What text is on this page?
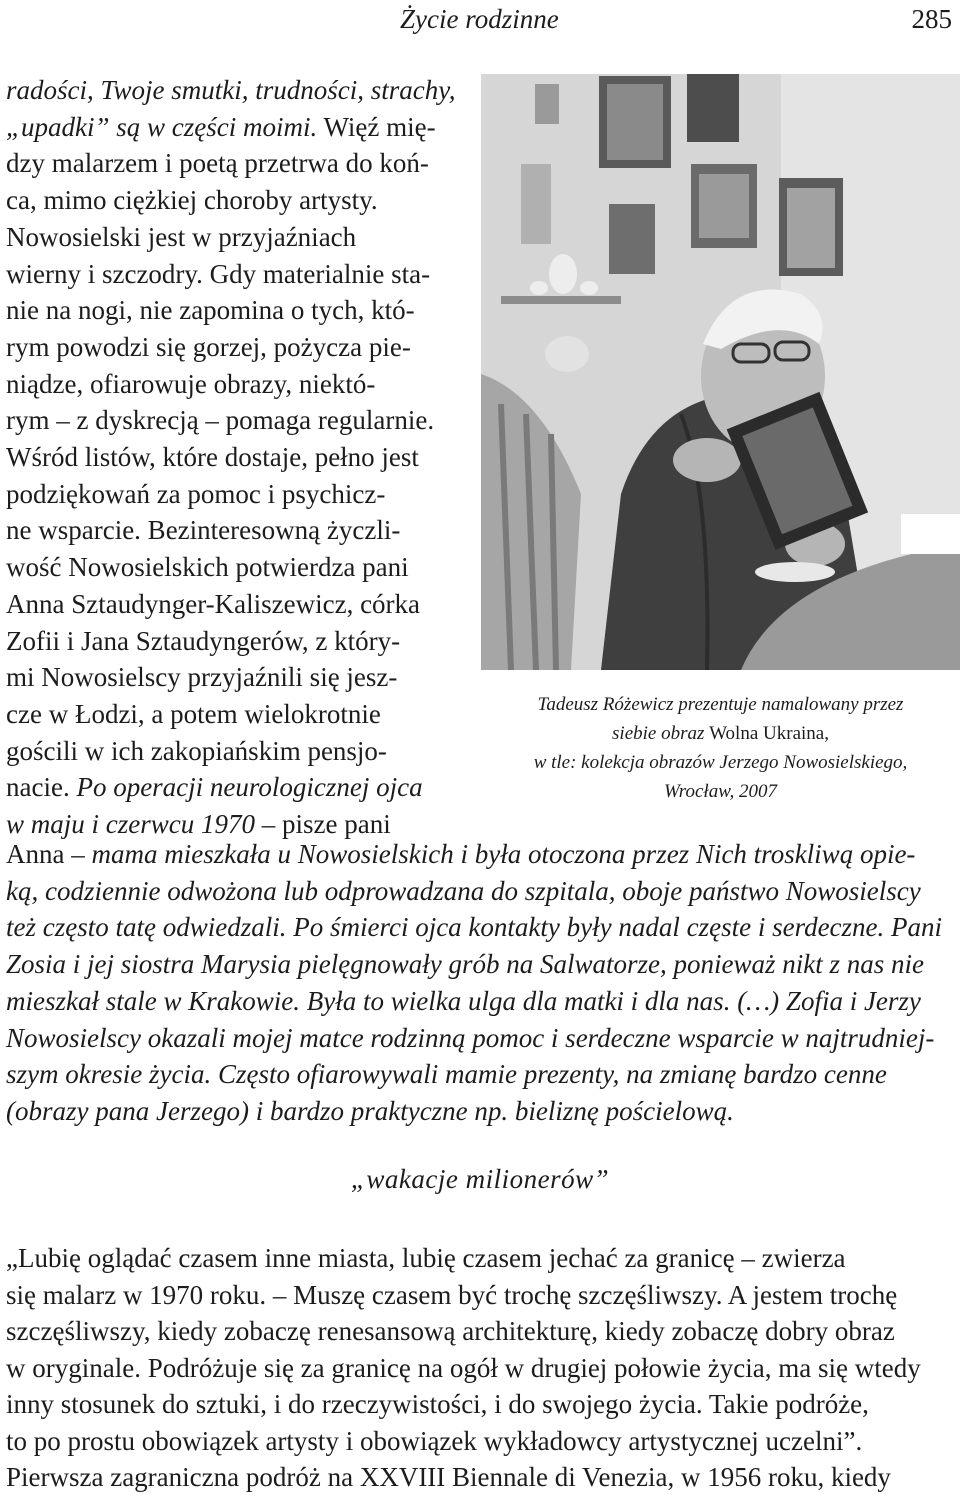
Życie rodzinne	285
radości, Twoje smutki, trudności, strachy,
„upadki” są w części moimi. Więź mię-
dzy malarzem i poetą przetrwa do koń-
ca, mimo ciężkiej choroby artysty.
Nowosielski jest w przyjaźniach
wierny i szczodry. Gdy materialnie sta-
nie na nogi, nie zapomina o tych, któ-
rym powodzi się gorzej, pożycza pie-
niądze, ofiarowuje obrazy, niektó-
rym – z dyskrecją – pomaga regularnie.
Wśród listów, które dostaje, pełno jest
podziękowań za pomoc i psychicz-
ne wsparcie. Bezinteresowną życzli-
wość Nowosielskich potwierdza pani
Anna Sztaudynger-Kaliszewicz, córka
Zofii i Jana Sztaudyngerów, z który-
mi Nowosielscy przyjaźnili się jesz-
cze w Łodzi, a potem wielokrotnie
gościli w ich zakopiańskim pensjo-
nacie. Po operacji neurologicznej ojca
w maju i czerwcu 1970 – pisze pani
Tadeusz Różewicz prezentuje namalowany przez
siebie obraz Wolna Ukraina,
w tle: kolekcja obrazów Jerzego Nowosielskiego,
Wrocław, 2007
Anna – mama mieszkała u Nowosielskich i była otoczona przez Nich troskliwą opie-
ką, codziennie odwożona lub odprowadzana do szpitala, oboje państwo Nowosielscy
też często tatę odwiedzali. Po śmierci ojca kontakty były nadal częste i serdeczne. Pani
Zosia i jej siostra Marysia pielęgnowały grób na Salwatorze, ponieważ nikt z nas nie
mieszkał stale w Krakowie. Była to wielka ulga dla matki i dla nas. (…) Zofia i Jerzy
Nowosielscy okazali mojej matce rodzinną pomoc i serdeczne wsparcie w najtrudniej-
szym okresie życia. Często ofiarowywali mamie prezenty, na zmianę bardzo cenne
(obrazy pana Jerzego) i bardzo praktyczne np. bieliznę pościelową.
„wakacje milionerów”
„Lubię oglądać czasem inne miasta, lubię czasem jechać za granicę – zwierza
się malarz w 1970 roku. – Muszę czasem być trochę szczęśliwszy. A jestem trochę
szczęśliwszy, kiedy zobaczę renesansową architekturę, kiedy zobaczę dobry obraz
w oryginale. Podróżuje się za granicę na ogół w drugiej połowie życia, ma się wtedy
inny stosunek do sztuki, i do rzeczywistości, i do swojego życia. Takie podróże,
to po prostu obowiązek artysty i obowiązek wykładowcy artystycznej uczelni”.
Pierwsza zagraniczna podróż na XXVIII Biennale di Venezia, w 1956 roku, kiedy
